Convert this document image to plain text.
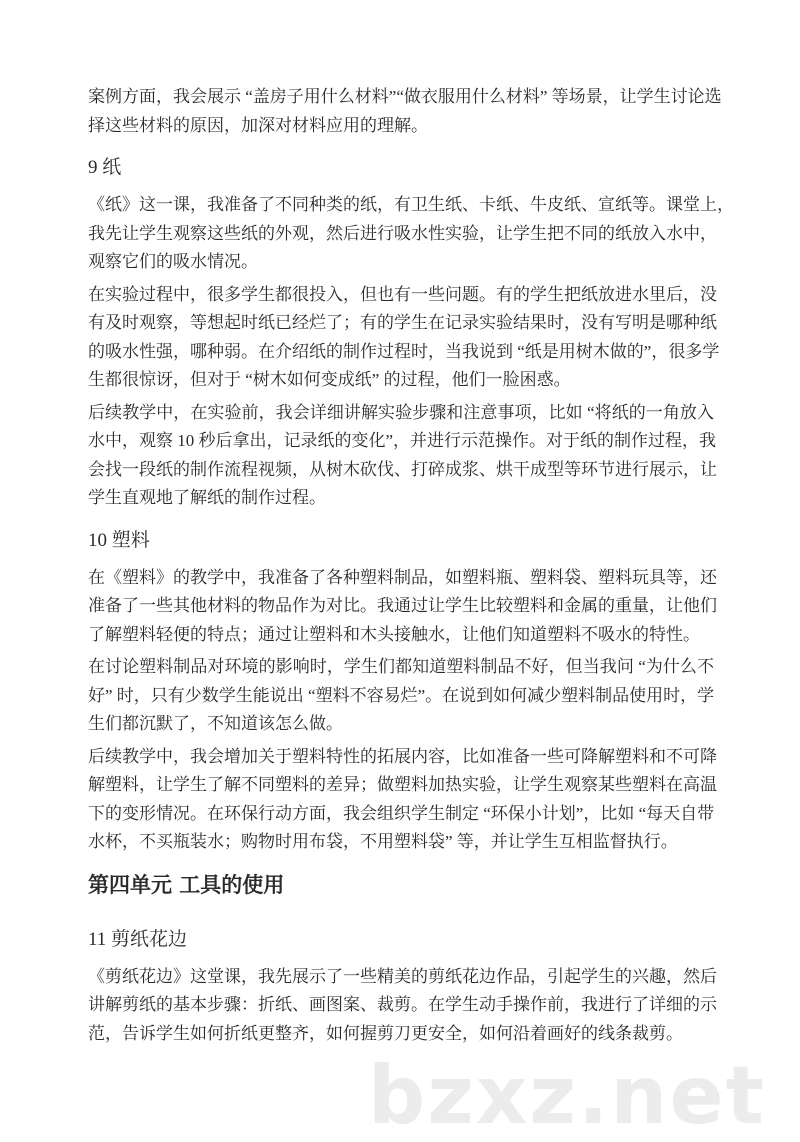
bzxz.net
案例方面，我会展示 “盖房子用什么材料”“做衣服用什么材料” 等场景，让学生讨论选
择这些材料的原因，加深对材料应用的理解。
9 纸
《纸》这一课，我准备了不同种类的纸，有卫生纸、卡纸、牛皮纸、宣纸等。课堂上，
我先让学生观察这些纸的外观，然后进行吸水性实验，让学生把不同的纸放入水中，
观察它们的吸水情况。
在实验过程中，很多学生都很投入，但也有一些问题。有的学生把纸放进水里后，没
有及时观察，等想起时纸已经烂了；有的学生在记录实验结果时，没有写明是哪种纸
的吸水性强，哪种弱。在介绍纸的制作过程时，当我说到 “纸是用树木做的”，很多学
生都很惊讶，但对于 “树木如何变成纸” 的过程，他们一脸困惑。
后续教学中，在实验前，我会详细讲解实验步骤和注意事项，比如 “将纸的一角放入
水中，观察 10 秒后拿出，记录纸的变化”，并进行示范操作。对于纸的制作过程，我
会找一段纸的制作流程视频，从树木砍伐、打碎成浆、烘干成型等环节进行展示，让
学生直观地了解纸的制作过程。
10 塑料
在《塑料》的教学中，我准备了各种塑料制品，如塑料瓶、塑料袋、塑料玩具等，还
准备了一些其他材料的物品作为对比。我通过让学生比较塑料和金属的重量，让他们
了解塑料轻便的特点；通过让塑料和木头接触水，让他们知道塑料不吸水的特性。
在讨论塑料制品对环境的影响时，学生们都知道塑料制品不好，但当我问 “为什么不
好” 时，只有少数学生能说出 “塑料不容易烂”。在说到如何减少塑料制品使用时，学
生们都沉默了，不知道该怎么做。
后续教学中，我会增加关于塑料特性的拓展内容，比如准备一些可降解塑料和不可降
解塑料，让学生了解不同塑料的差异；做塑料加热实验，让学生观察某些塑料在高温
下的变形情况。在环保行动方面，我会组织学生制定 “环保小计划”，比如 “每天自带
水杯，不买瓶装水；购物时用布袋，不用塑料袋” 等，并让学生互相监督执行。
第四单元 工具的使用
11 剪纸花边
《剪纸花边》这堂课，我先展示了一些精美的剪纸花边作品，引起学生的兴趣，然后
讲解剪纸的基本步骤：折纸、画图案、裁剪。在学生动手操作前，我进行了详细的示
范，告诉学生如何折纸更整齐，如何握剪刀更安全，如何沿着画好的线条裁剪。
